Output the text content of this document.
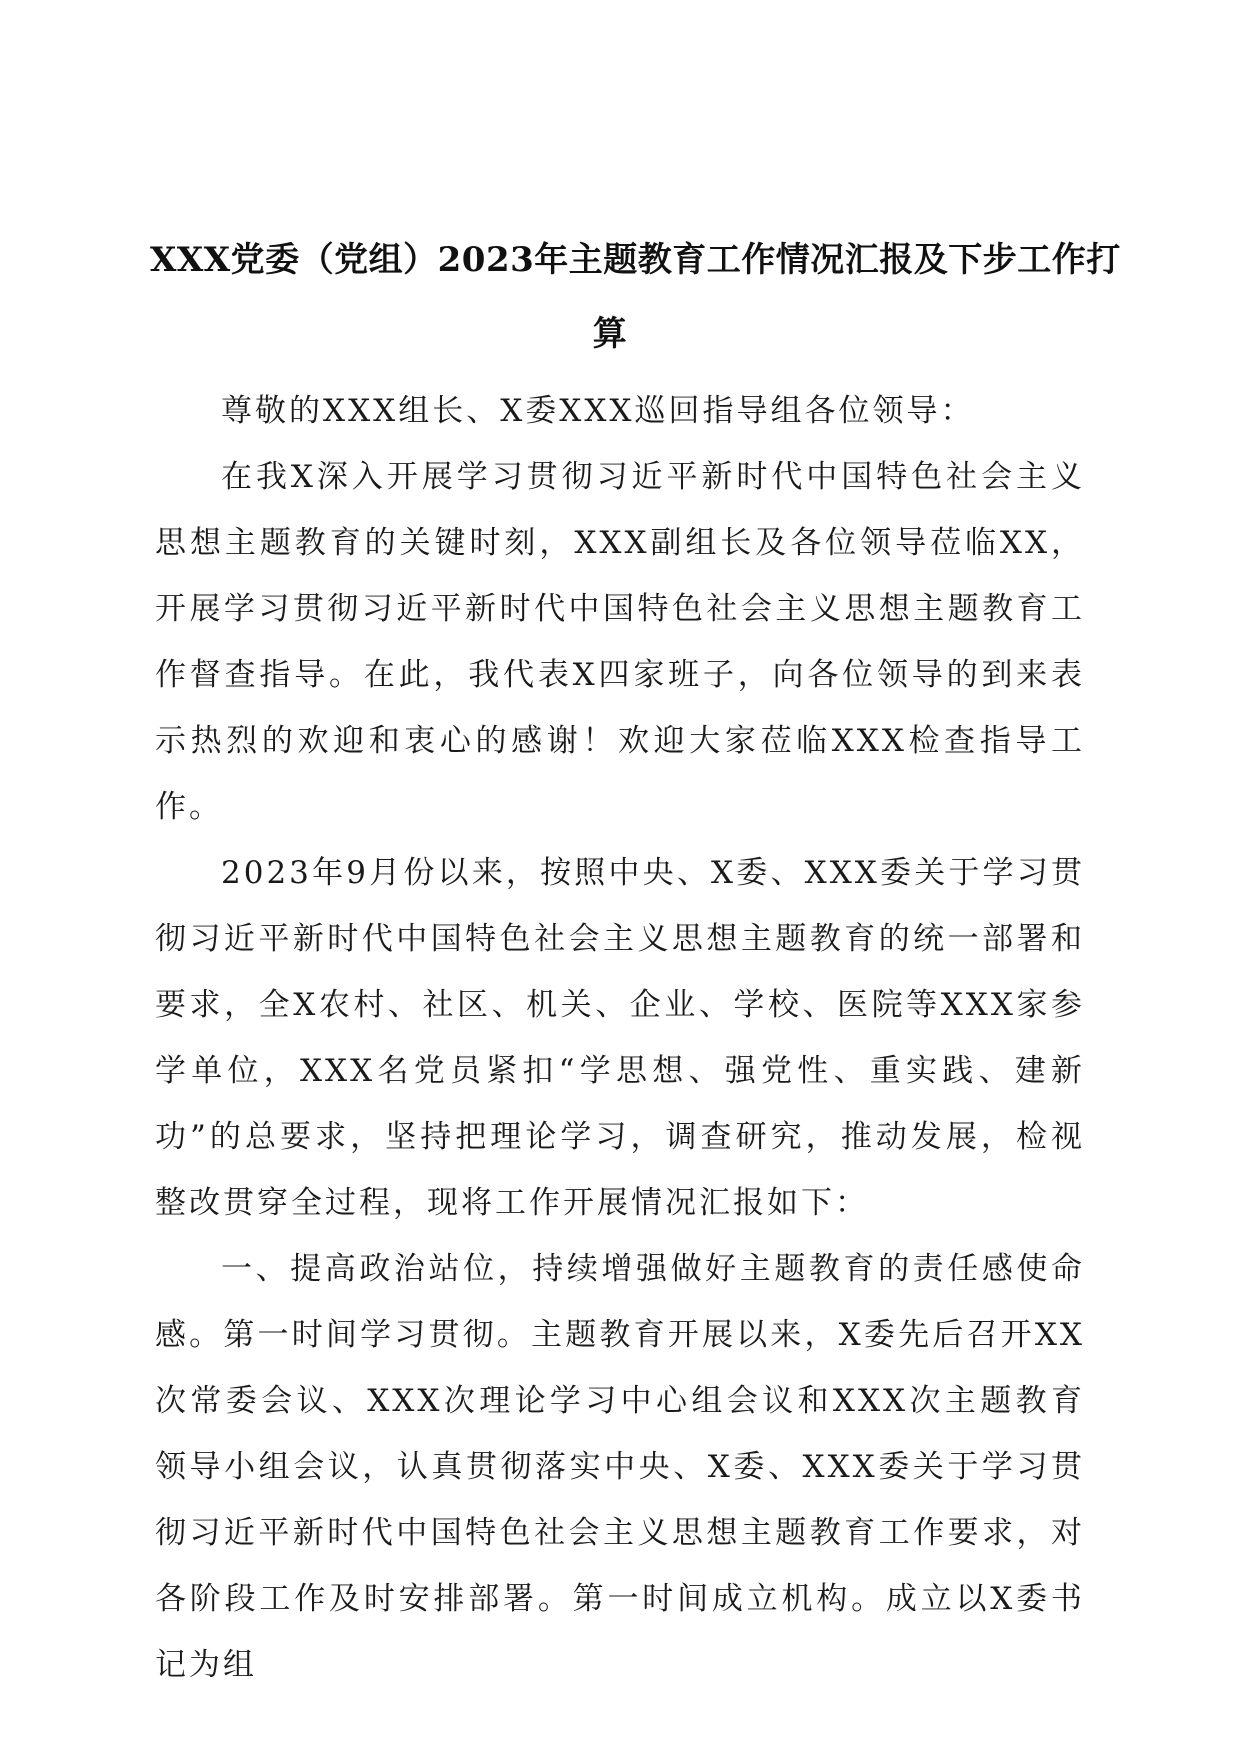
XXX党委（党组）2023年主题教育工作情况汇报及下步工作打
算

尊敬的XXX组长、X委XXX巡回指导组各位领导：

在我X深入开展学习贯彻习近平新时代中国特色社会主义思想主题教育的关键时刻，XXX副组长及各位领导莅临XX，开展学习贯彻习近平新时代中国特色社会主义思想主题教育工作督查指导。在此，我代表X四家班子，向各位领导的到来表示热烈的欢迎和衷心的感谢！欢迎大家莅临XXX检查指导工作。

2023年9月份以来，按照中央、X委、XXX委关于学习贯彻习近平新时代中国特色社会主义思想主题教育的统一部署和要求，全X农村、社区、机关、企业、学校、医院等XXX家参学单位，XXX名党员紧扣“学思想、强党性、重实践、建新功”的总要求，坚持把理论学习，调查研究，推动发展，检视整改贯穿全过程，现将工作开展情况汇报如下：

一、提高政治站位，持续增强做好主题教育的责任感使命感。第一时间学习贯彻。主题教育开展以来，X委先后召开XX次常委会议、XXX次理论学习中心组会议和XXX次主题教育领导小组会议，认真贯彻落实中央、X委、XXX委关于学习贯彻习近平新时代中国特色社会主义思想主题教育工作要求，对各阶段工作及时安排部署。第一时间成立机构。成立以X委书记为组
